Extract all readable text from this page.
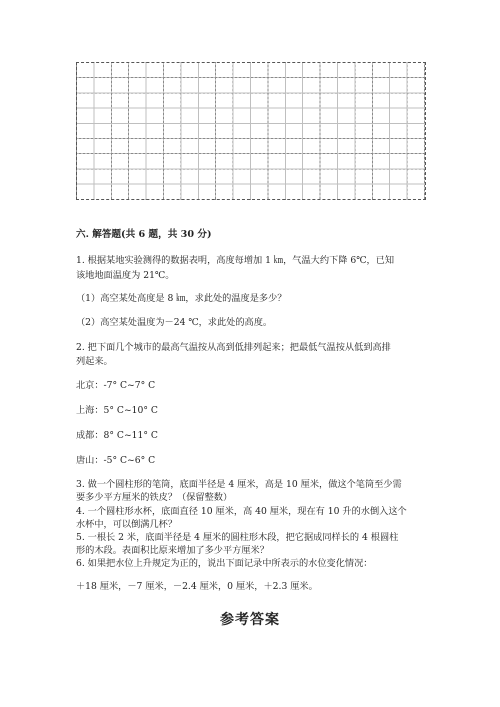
六. 解答题(共 6 题，共 30 分)
1. 根据某地实验测得的数据表明，高度每增加 1 ㎞，气温大约下降 6℃，已知
该地地面温度为 21℃。
（1）高空某处高度是 8 ㎞，求此处的温度是多少？
（2）高空某处温度为－24 ℃，求此处的高度。
2. 把下面几个城市的最高气温按从高到低排列起来；把最低气温按从低到高排
列起来。
北京：-7° C~7° C
上海：5° C~10° C
成都：8° C~11° C
唐山：-5° C~6° C
3. 做一个圆柱形的笔筒，底面半径是 4 厘米，高是 10 厘米，做这个笔筒至少需
要多少平方厘米的铁皮？（保留整数）
4. 一个圆柱形水杯，底面直径 10 厘米，高 40 厘米，现在有 10 升的水倒入这个
水杯中，可以倒满几杯？
5. 一根长 2 米，底面半径是 4 厘米的圆柱形木段，把它据成同样长的 4 根圆柱
形的木段。表面积比原来增加了多少平方厘米？
6. 如果把水位上升规定为正的，说出下面记录中所表示的水位变化情况：
＋18 厘米，－7 厘米，－2.4 厘米，0 厘米，＋2.3 厘米。
参考答案
